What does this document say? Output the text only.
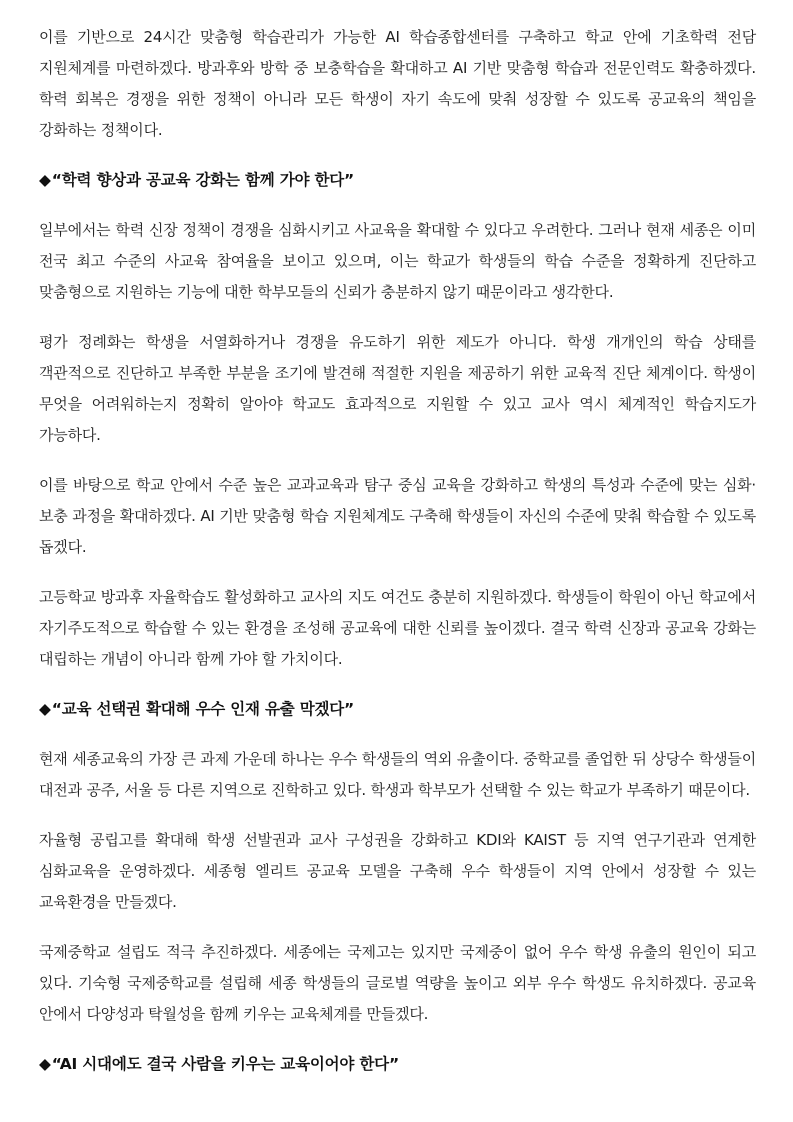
이를 기반으로 24시간 맞춤형 학습관리가 가능한 AI 학습종합센터를 구축하고 학교 안에 기초학력 전담 지원체계를 마련하겠다. 방과후와 방학 중 보충학습을 확대하고 AI 기반 맞춤형 학습과 전문인력도 확충하겠다. 학력 회복은 경쟁을 위한 정책이 아니라 모든 학생이 자기 속도에 맞춰 성장할 수 있도록 공교육의 책임을 강화하는 정책이다.

◆“학력 향상과 공교육 강화는 함께 가야 한다”

일부에서는 학력 신장 정책이 경쟁을 심화시키고 사교육을 확대할 수 있다고 우려한다. 그러나 현재 세종은 이미 전국 최고 수준의 사교육 참여율을 보이고 있으며, 이는 학교가 학생들의 학습 수준을 정확하게 진단하고 맞춤형으로 지원하는 기능에 대한 학부모들의 신뢰가 충분하지 않기 때문이라고 생각한다.

평가 정례화는 학생을 서열화하거나 경쟁을 유도하기 위한 제도가 아니다. 학생 개개인의 학습 상태를 객관적으로 진단하고 부족한 부분을 조기에 발견해 적절한 지원을 제공하기 위한 교육적 진단 체계이다. 학생이 무엇을 어려워하는지 정확히 알아야 학교도 효과적으로 지원할 수 있고 교사 역시 체계적인 학습지도가 가능하다.

이를 바탕으로 학교 안에서 수준 높은 교과교육과 탐구 중심 교육을 강화하고 학생의 특성과 수준에 맞는 심화·보충 과정을 확대하겠다. AI 기반 맞춤형 학습 지원체계도 구축해 학생들이 자신의 수준에 맞춰 학습할 수 있도록 돕겠다.

고등학교 방과후 자율학습도 활성화하고 교사의 지도 여건도 충분히 지원하겠다. 학생들이 학원이 아닌 학교에서 자기주도적으로 학습할 수 있는 환경을 조성해 공교육에 대한 신뢰를 높이겠다. 결국 학력 신장과 공교육 강화는 대립하는 개념이 아니라 함께 가야 할 가치이다.

◆“교육 선택권 확대해 우수 인재 유출 막겠다”

현재 세종교육의 가장 큰 과제 가운데 하나는 우수 학생들의 역외 유출이다. 중학교를 졸업한 뒤 상당수 학생들이 대전과 공주, 서울 등 다른 지역으로 진학하고 있다. 학생과 학부모가 선택할 수 있는 학교가 부족하기 때문이다.

자율형 공립고를 확대해 학생 선발권과 교사 구성권을 강화하고 KDI와 KAIST 등 지역 연구기관과 연계한 심화교육을 운영하겠다. 세종형 엘리트 공교육 모델을 구축해 우수 학생들이 지역 안에서 성장할 수 있는 교육환경을 만들겠다.

국제중학교 설립도 적극 추진하겠다. 세종에는 국제고는 있지만 국제중이 없어 우수 학생 유출의 원인이 되고 있다. 기숙형 국제중학교를 설립해 세종 학생들의 글로벌 역량을 높이고 외부 우수 학생도 유치하겠다. 공교육 안에서 다양성과 탁월성을 함께 키우는 교육체계를 만들겠다.

◆“AI 시대에도 결국 사람을 키우는 교육이어야 한다”
